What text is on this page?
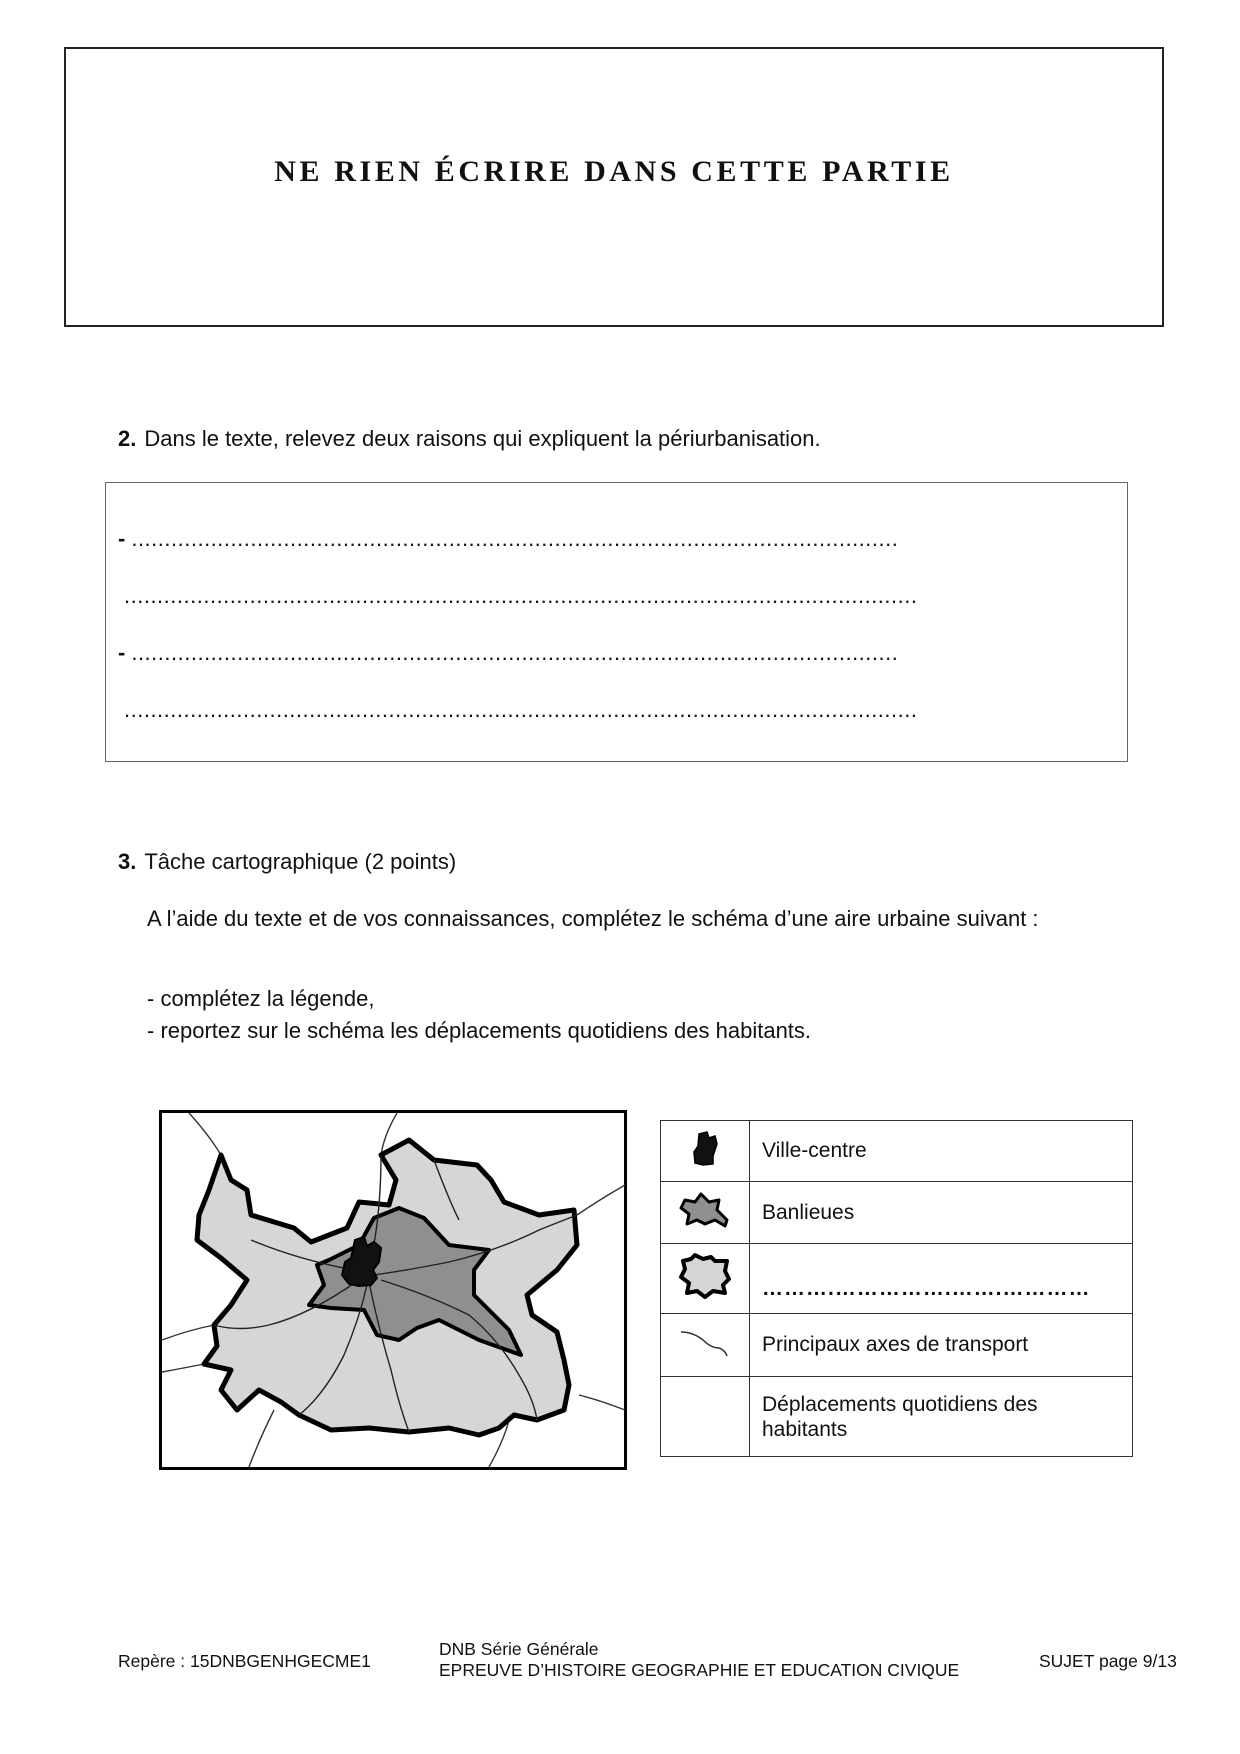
NE RIEN ÉCRIRE DANS CETTE PARTIE
2. Dans le texte, relevez deux raisons qui expliquent la périurbanisation.
- ....................................................................................................................
........................................................................................................................
- ....................................................................................................................
........................................................................................................................
3. Tâche cartographique (2 points)
A l’aide du texte et de vos connaissances, complétez le schéma d’une aire urbaine suivant :
- complétez la légende,
- reportez sur le schéma les déplacements quotidiens des habitants.
	Ville-centre
	Banlieues
	……….…………….…….…………
	Principaux axes de transport
	Déplacements quotidiens des habitants
Repère : 15DNBGENHGECME1
DNB Série Générale
EPREUVE D’HISTOIRE GEOGRAPHIE ET EDUCATION CIVIQUE	SUJET page 9/13
